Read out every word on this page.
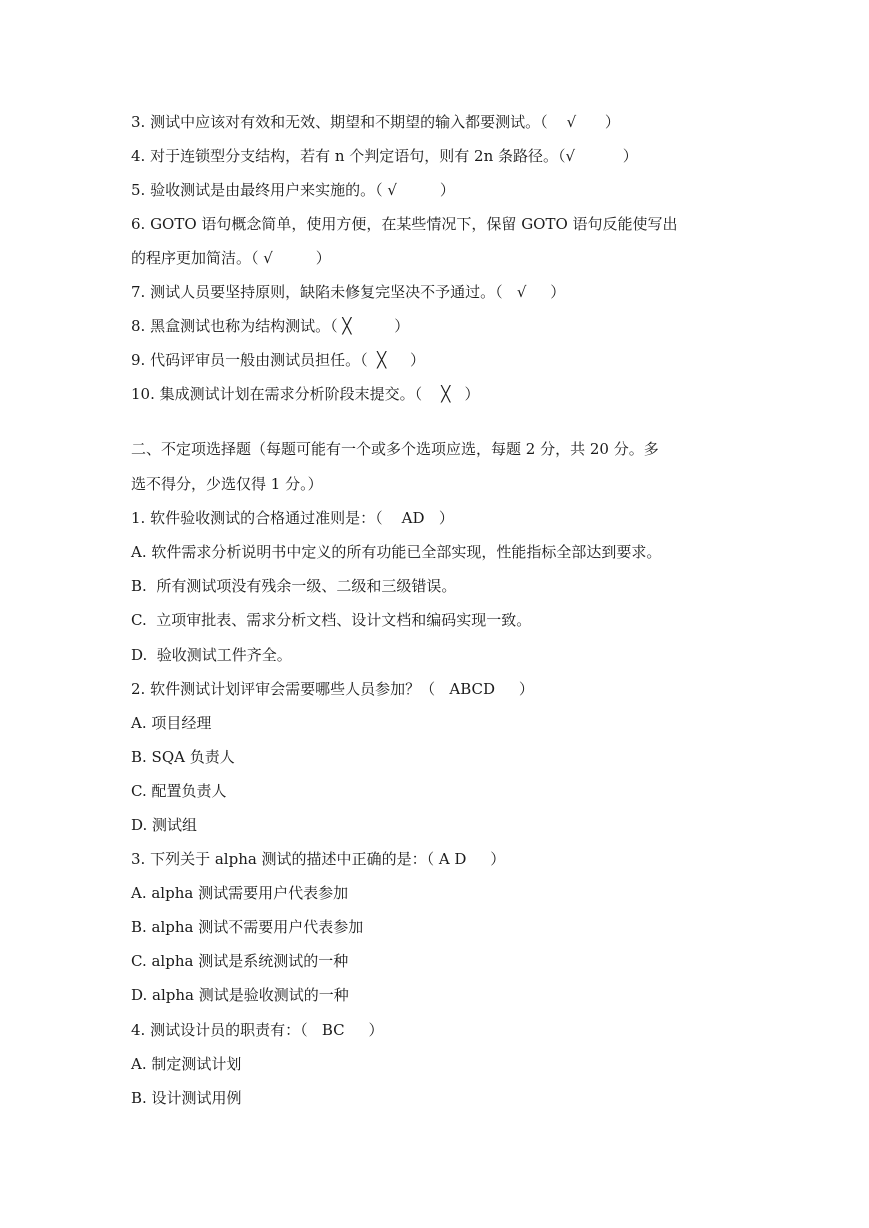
3. 测试中应该对有效和无效、期望和不期望的输入都要测试。（    √      ）
4. 对于连锁型分支结构，若有 n 个判定语句，则有 2n 条路径。（√          ）
5. 验收测试是由最终用户来实施的。（ √         ）
6. GOTO 语句概念简单，使用方便，在某些情况下，保留 GOTO 语句反能使写出
的程序更加简洁。（ √         ）
7. 测试人员要坚持原则，缺陷未修复完坚决不予通过。（   √     ）
8. 黑盒测试也称为结构测试。（ ╳         ）
9. 代码评审员一般由测试员担任。（  ╳     ）
10. 集成测试计划在需求分析阶段末提交。（    ╳   ）
二、不定项选择题（每题可能有一个或多个选项应选，每题 2 分，共 20 分。多
选不得分，少选仅得 1 分。）
1. 软件验收测试的合格通过准则是：（    AD   ）
A. 软件需求分析说明书中定义的所有功能已全部实现，性能指标全部达到要求。
B.  所有测试项没有残余一级、二级和三级错误。
C.  立项审批表、需求分析文档、设计文档和编码实现一致。
D.  验收测试工件齐全。
2. 软件测试计划评审会需要哪些人员参加？（   ABCD     ）
A. 项目经理
B. SQA 负责人
C. 配置负责人
D. 测试组
3. 下列关于 alpha 测试的描述中正确的是：（ A D     ）
A. alpha 测试需要用户代表参加
B. alpha 测试不需要用户代表参加
C. alpha 测试是系统测试的一种
D. alpha 测试是验收测试的一种
4. 测试设计员的职责有：（   BC     ）
A. 制定测试计划
B. 设计测试用例
